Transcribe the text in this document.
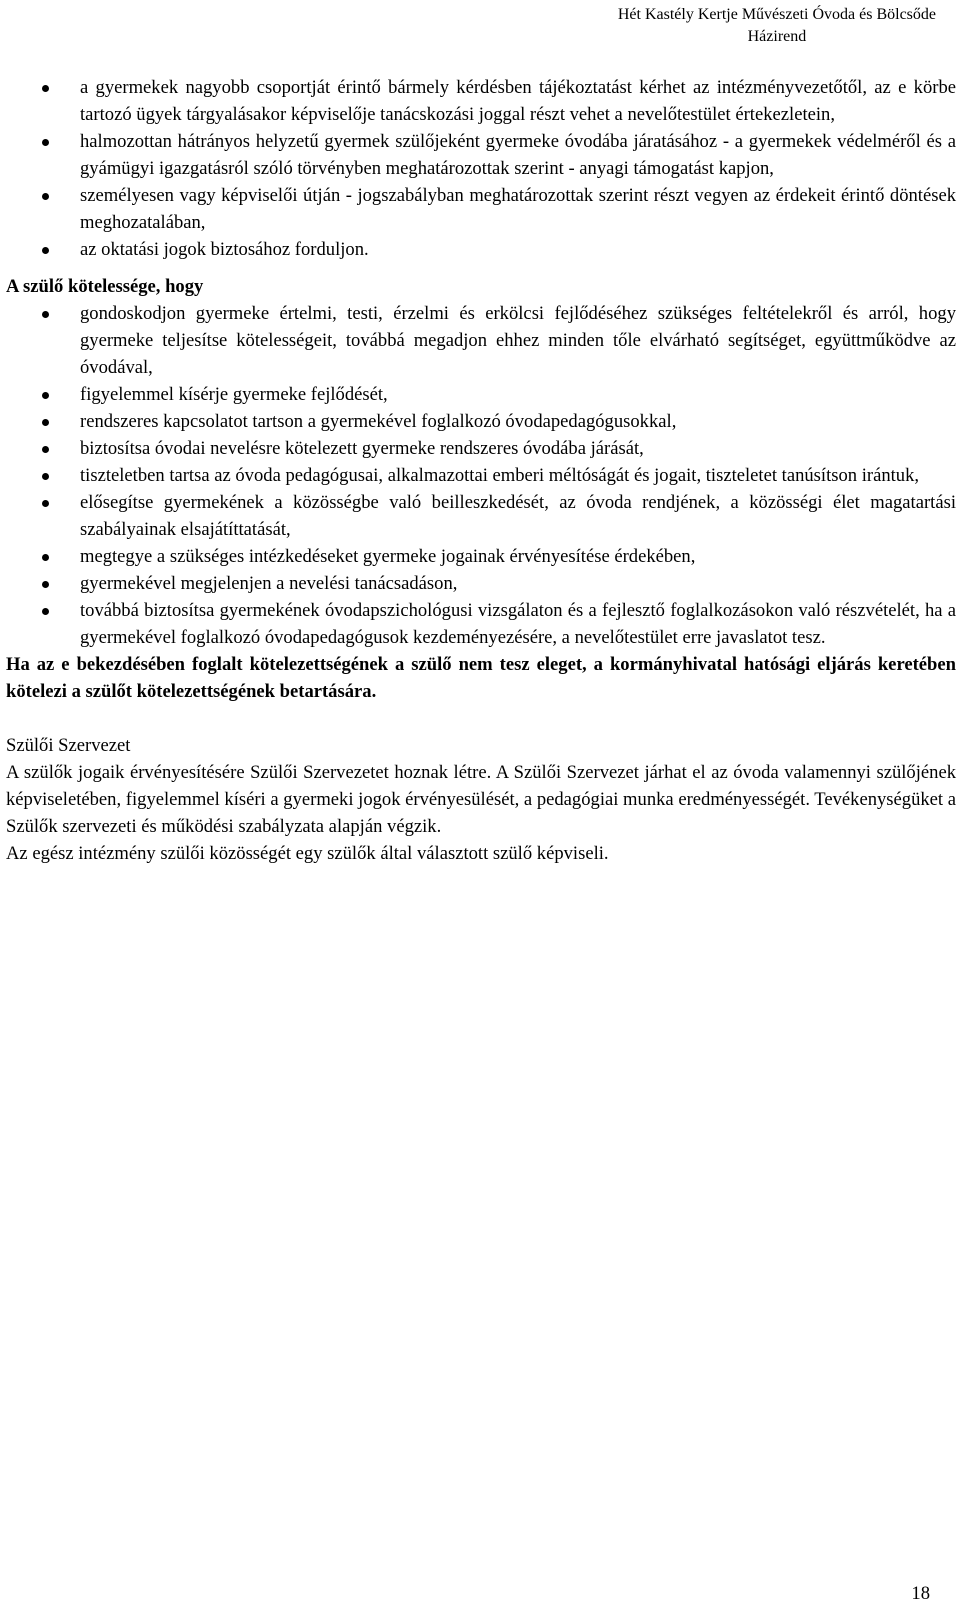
Hét Kastély Kertje Művészeti Óvoda és Bölcsőde
Házirend
a gyermekek nagyobb csoportját érintő bármely kérdésben tájékoztatást kérhet az intézményvezetőtől, az e körbe tartozó ügyek tárgyalásakor képviselője tanácskozási joggal részt vehet a nevelőtestület értekezletein,
halmozottan hátrányos helyzetű gyermek szülőjeként gyermeke óvodába járatásához - a gyermekek védelméről és a gyámügyi igazgatásról szóló törvényben meghatározottak szerint - anyagi támogatást kapjon,
személyesen vagy képviselői útján - jogszabályban meghatározottak szerint részt vegyen az érdekeit érintő döntések meghozatalában,
az oktatási jogok biztosához forduljon.
A szülő kötelessége, hogy
gondoskodjon gyermeke értelmi, testi, érzelmi és erkölcsi fejlődéséhez szükséges feltételekről és arról, hogy gyermeke teljesítse kötelességeit, továbbá megadjon ehhez minden tőle elvárható segítséget, együttműködve az óvodával,
figyelemmel kísérje gyermeke fejlődését,
rendszeres kapcsolatot tartson a gyermekével foglalkozó óvodapedagógusokkal,
biztosítsa óvodai nevelésre kötelezett gyermeke rendszeres óvodába járását,
tiszteletben tartsa az óvoda pedagógusai, alkalmazottai emberi méltóságát és jogait, tiszteletet tanúsítson irántuk,
elősegítse gyermekének a közösségbe való beilleszkedését, az óvoda rendjének, a közösségi élet magatartási szabályainak elsajátíttatását,
megtegye a szükséges intézkedéseket gyermeke jogainak érvényesítése érdekében,
gyermekével megjelenjen a nevelési tanácsadáson,
továbbá biztosítsa gyermekének óvodapszichológusi vizsgálaton és a fejlesztő foglalkozásokon való részvételét, ha a gyermekével foglalkozó óvodapedagógusok kezdeményezésére, a nevelőtestület erre javaslatot tesz.
Ha az e bekezdésében foglalt kötelezettségének a szülő nem tesz eleget, a kormányhivatal hatósági eljárás keretében kötelezi a szülőt kötelezettségének betartására.
Szülői Szervezet
A szülők jogaik érvényesítésére Szülői Szervezetet hoznak létre. A Szülői Szervezet járhat el az óvoda valamennyi szülőjének képviseletében, figyelemmel kíséri a gyermeki jogok érvényesülését, a pedagógiai munka eredményességét. Tevékenységüket a Szülők szervezeti és működési szabályzata alapján végzik.
Az egész intézmény szülői közösségét egy szülők által választott szülő képviseli.
18
